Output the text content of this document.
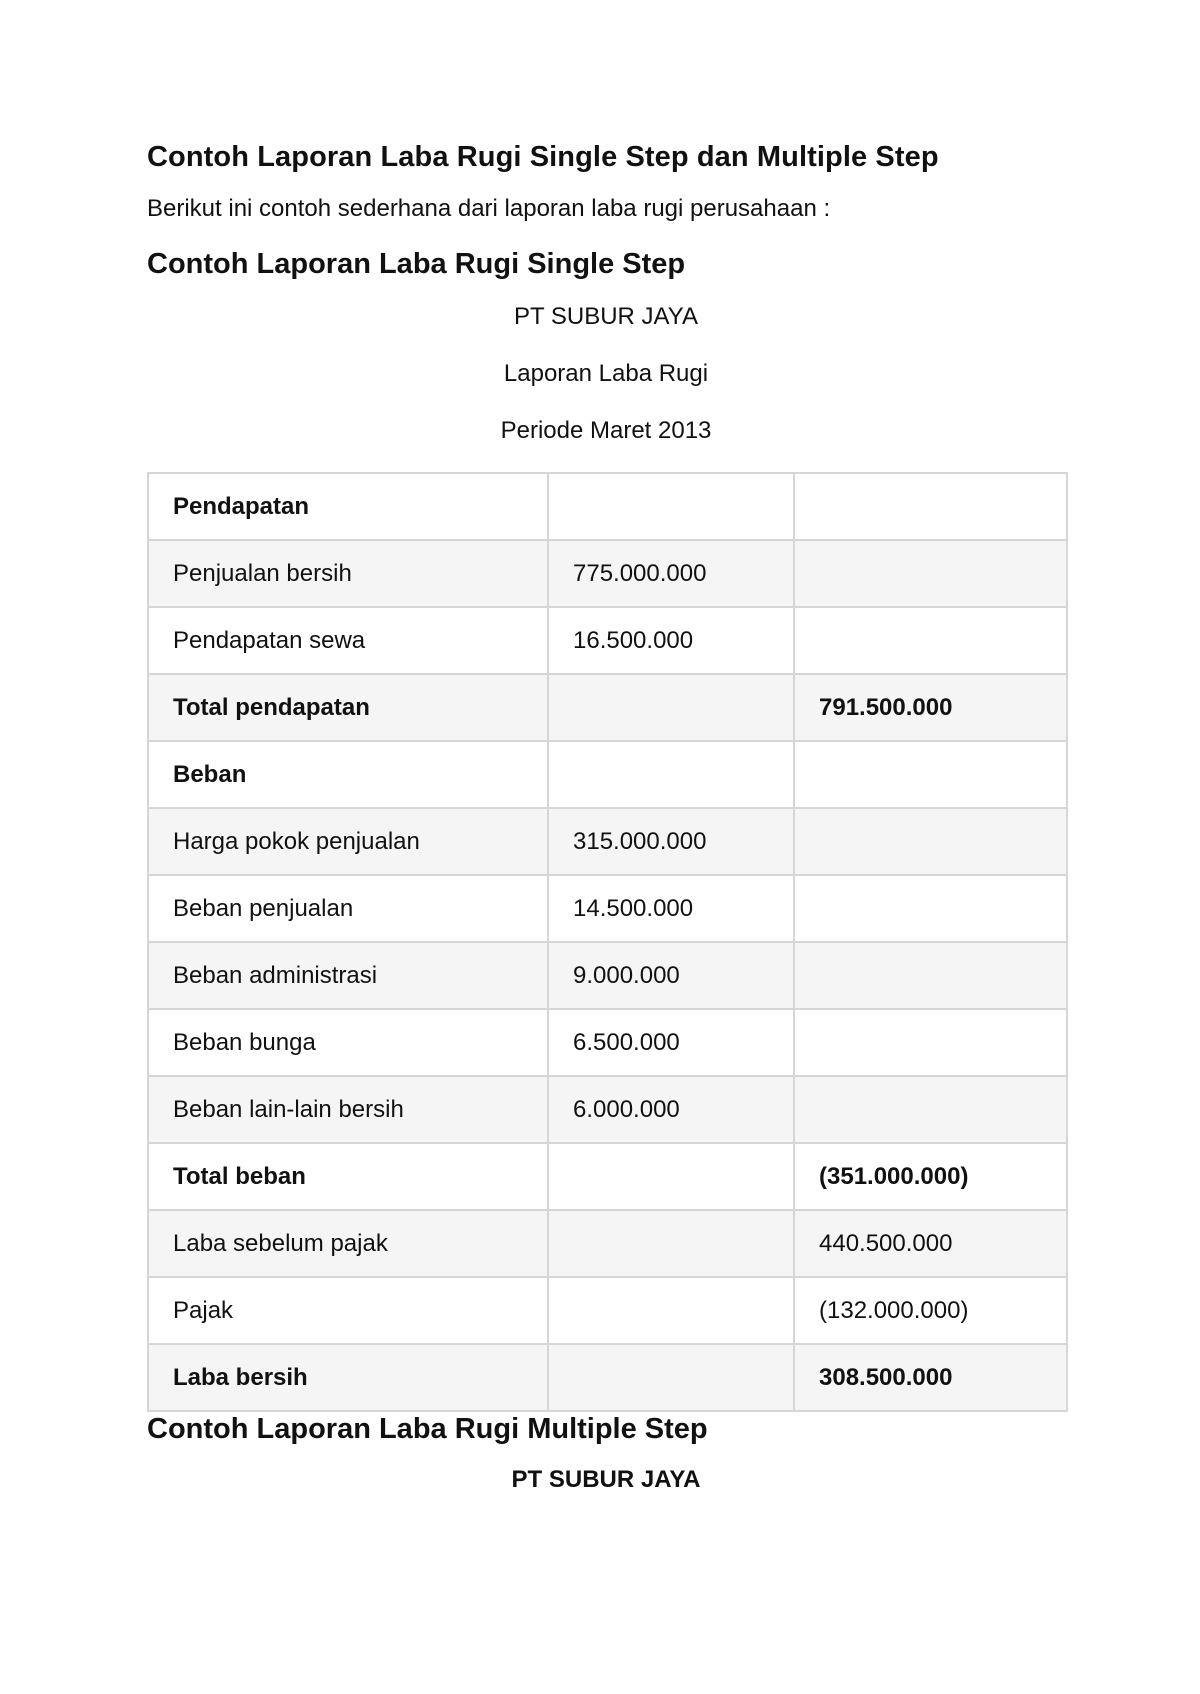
Contoh Laporan Laba Rugi Single Step dan Multiple Step

Berikut ini contoh sederhana dari laporan laba rugi perusahaan :

Contoh Laporan Laba Rugi Single Step

PT SUBUR JAYA

Laporan Laba Rugi

Periode Maret 2013

Pendapatan		
Penjualan bersih	775.000.000	
Pendapatan sewa	16.500.000	
Total pendapatan		791.500.000
Beban		
Harga pokok penjualan	315.000.000	
Beban penjualan	14.500.000	
Beban administrasi	9.000.000	
Beban bunga	6.500.000	
Beban lain-lain bersih	6.000.000	
Total beban		(351.000.000)
Laba sebelum pajak		440.500.000
Pajak		(132.000.000)
Laba bersih		308.500.000
Contoh Laporan Laba Rugi Multiple Step

PT SUBUR JAYA
